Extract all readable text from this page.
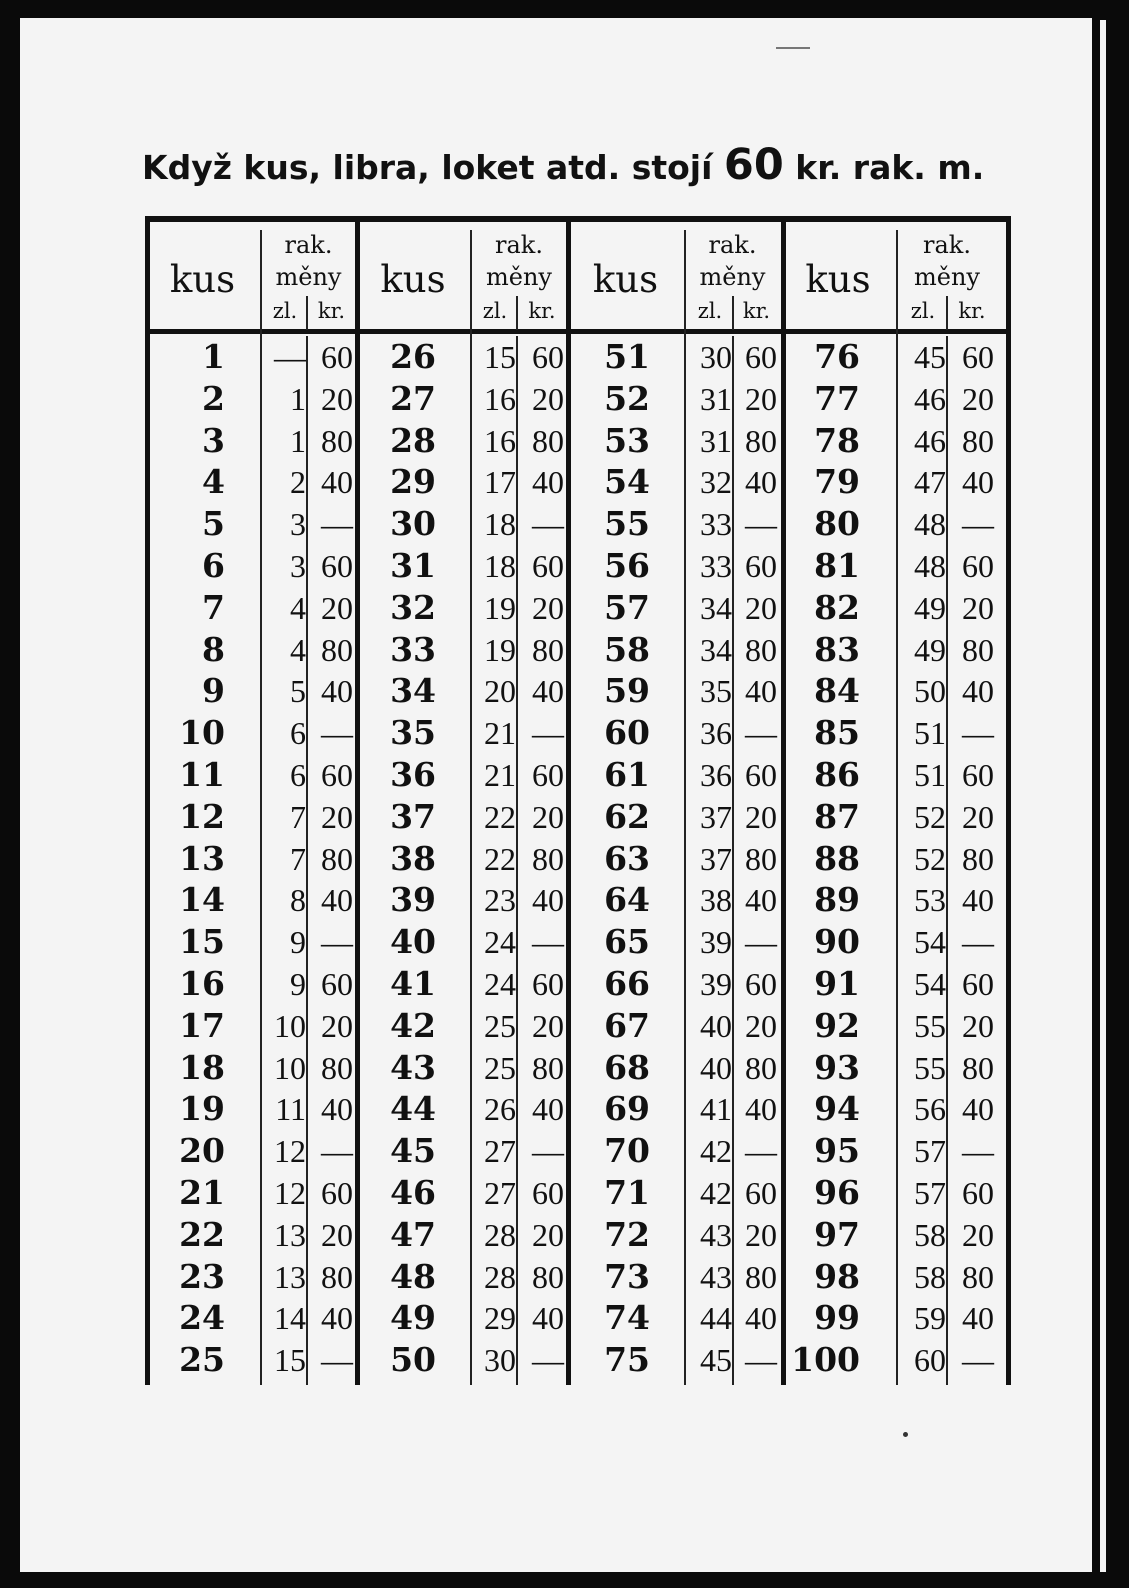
Když kus, libra, loket atd. stojí 60 kr. rak. m.
kus
rak.
měny
zl. kr.
1	— 60
2	1 20
3	1 80
4	2 40
5	3 —
6	3 60
7	4 20
8	4 80
9	5 40
10	6 —
11	6 60
12	7 20
13	7 80
14	8 40
15	9 —
16	9 60
17	10 20
18	10 80
19	11 40
20	12 —
21	12 60
22	13 20
23	13 80
24	14 40
25	15 —
kus
rak.
měny
zl.	kr.
26	15 60
27	16 20
28	16 80
29	17 40
30	18 —
31	18 60
32	19 20
33	19 80
34	20 40
35	21 —
36	21 60
37	22 20
38	22 80
39	23 40
40	24 —
41	24 60
42	25 20
43	25 80
44	26 40
45	27 —
46	27 60
47	28 20
48	28 80
49	29 40
50	30 —
kus
rak.
měny
zl. kr.
51	30 60
52	31 20
53	31 80
54	32 40
55	33 —
56	33 60
57	34 20
58	34 80
59	35 40
60	36 —
61	36 60
62	37 20
63	37 80
64	38 40
65	39 —
66	39 60
67	40 20
68	40 80
69	41 40
70	42 —
71	42 60
72	43 20
73	43 80
74	44 40
75	45 —
kus
rak.
měny
zl.	kr.
76	45 60
77	46 20
78	46 80
79	47 40
80	48 —
81	48 60
82	49 20
83	49 80
84	50 40
85	51 —
86	51 60
87	52 20
88	52 80
89	53 40
90	54 —
91	54 60
92	55 20
93	55 80
94	56 40
95	57 —
96	57 60
97	58 20
98	58 80
99	59 40
100	60 —
